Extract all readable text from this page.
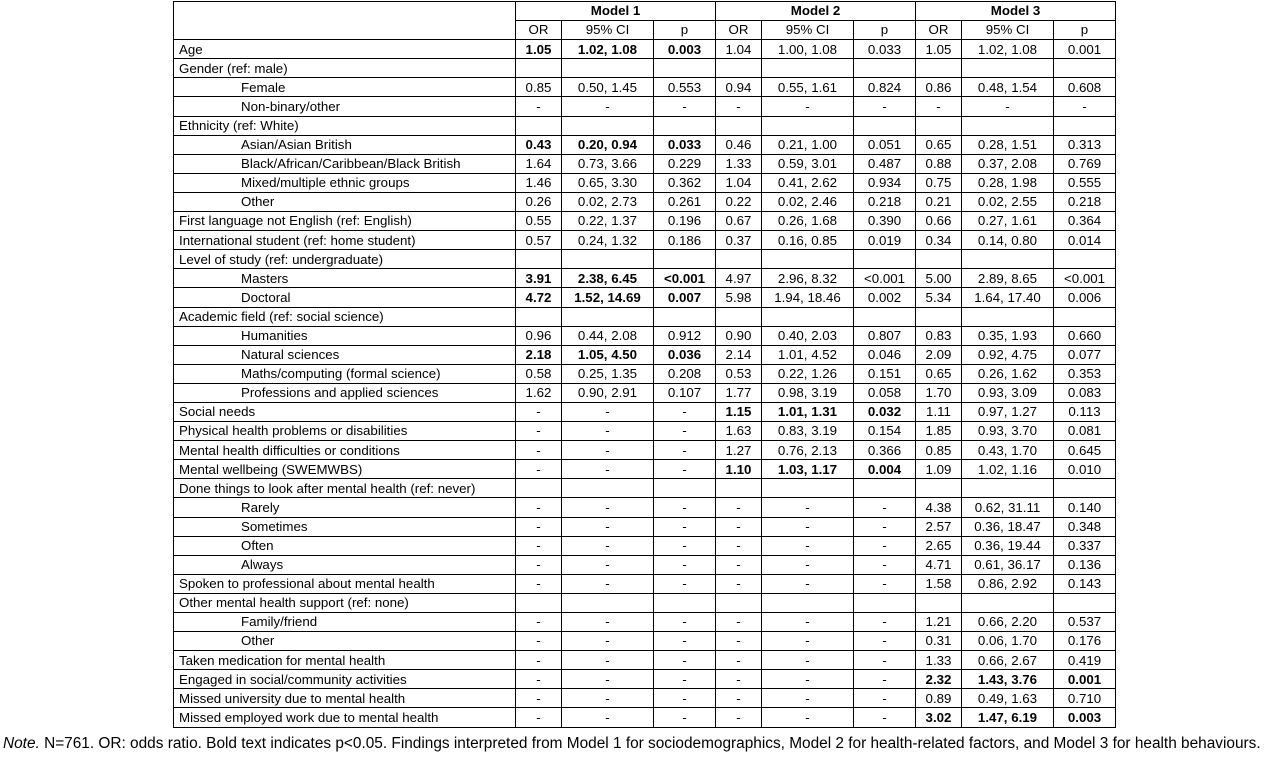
	Model 1			Model 2			Model 3		
	OR	95% CI	p	OR	95% CI	p	OR	95% CI	p
Age	1.05	1.02, 1.08	0.003	1.04	1.00, 1.08	0.033	1.05	1.02, 1.08	0.001
Gender (ref: male)									
Female	0.85	0.50, 1.45	0.553	0.94	0.55, 1.61	0.824	0.86	0.48, 1.54	0.608
Non-binary/other	-	-	-	-	-	-	-	-	-
Ethnicity (ref: White)									
Asian/Asian British	0.43	0.20, 0.94	0.033	0.46	0.21, 1.00	0.051	0.65	0.28, 1.51	0.313
Black/African/Caribbean/Black British	1.64	0.73, 3.66	0.229	1.33	0.59, 3.01	0.487	0.88	0.37, 2.08	0.769
Mixed/multiple ethnic groups	1.46	0.65, 3.30	0.362	1.04	0.41, 2.62	0.934	0.75	0.28, 1.98	0.555
Other	0.26	0.02, 2.73	0.261	0.22	0.02, 2.46	0.218	0.21	0.02, 2.55	0.218
First language not English (ref: English)	0.55	0.22, 1.37	0.196	0.67	0.26, 1.68	0.390	0.66	0.27, 1.61	0.364
International student (ref: home student)	0.57	0.24, 1.32	0.186	0.37	0.16, 0.85	0.019	0.34	0.14, 0.80	0.014
Level of study (ref: undergraduate)									
Masters	3.91	2.38, 6.45	<0.001	4.97	2.96, 8.32	<0.001	5.00	2.89, 8.65	<0.001
Doctoral	4.72	1.52, 14.69	0.007	5.98	1.94, 18.46	0.002	5.34	1.64, 17.40	0.006
Academic field (ref: social science)									
Humanities	0.96	0.44, 2.08	0.912	0.90	0.40, 2.03	0.807	0.83	0.35, 1.93	0.660
Natural sciences	2.18	1.05, 4.50	0.036	2.14	1.01, 4.52	0.046	2.09	0.92, 4.75	0.077
Maths/computing (formal science)	0.58	0.25, 1.35	0.208	0.53	0.22, 1.26	0.151	0.65	0.26, 1.62	0.353
Professions and applied sciences	1.62	0.90, 2.91	0.107	1.77	0.98, 3.19	0.058	1.70	0.93, 3.09	0.083
Social needs	-	-	-	1.15	1.01, 1.31	0.032	1.11	0.97, 1.27	0.113
Physical health problems or disabilities	-	-	-	1.63	0.83, 3.19	0.154	1.85	0.93, 3.70	0.081
Mental health difficulties or conditions	-	-	-	1.27	0.76, 2.13	0.366	0.85	0.43, 1.70	0.645
Mental wellbeing (SWEMWBS)	-	-	-	1.10	1.03, 1.17	0.004	1.09	1.02, 1.16	0.010
Done things to look after mental health (ref: never)									
Rarely	-	-	-	-	-	-	4.38	0.62, 31.11	0.140
Sometimes	-	-	-	-	-	-	2.57	0.36, 18.47	0.348
Often	-	-	-	-	-	-	2.65	0.36, 19.44	0.337
Always	-	-	-	-	-	-	4.71	0.61, 36.17	0.136
Spoken to professional about mental health	-	-	-	-	-	-	1.58	0.86, 2.92	0.143
Other mental health support (ref: none)									
Family/friend	-	-	-	-	-	-	1.21	0.66, 2.20	0.537
Other	-	-	-	-	-	-	0.31	0.06, 1.70	0.176
Taken medication for mental health	-	-	-	-	-	-	1.33	0.66, 2.67	0.419
Engaged in social/community activities	-	-	-	-	-	-	2.32	1.43, 3.76	0.001
Missed university due to mental health	-	-	-	-	-	-	0.89	0.49, 1.63	0.710
Missed employed work due to mental health	-	-	-	-	-	-	3.02	1.47, 6.19	0.003

Note. N=761. OR: odds ratio. Bold text indicates p<0.05. Findings interpreted from Model 1 for sociodemographics, Model 2 for health-related factors, and Model 3 for health behaviours.
